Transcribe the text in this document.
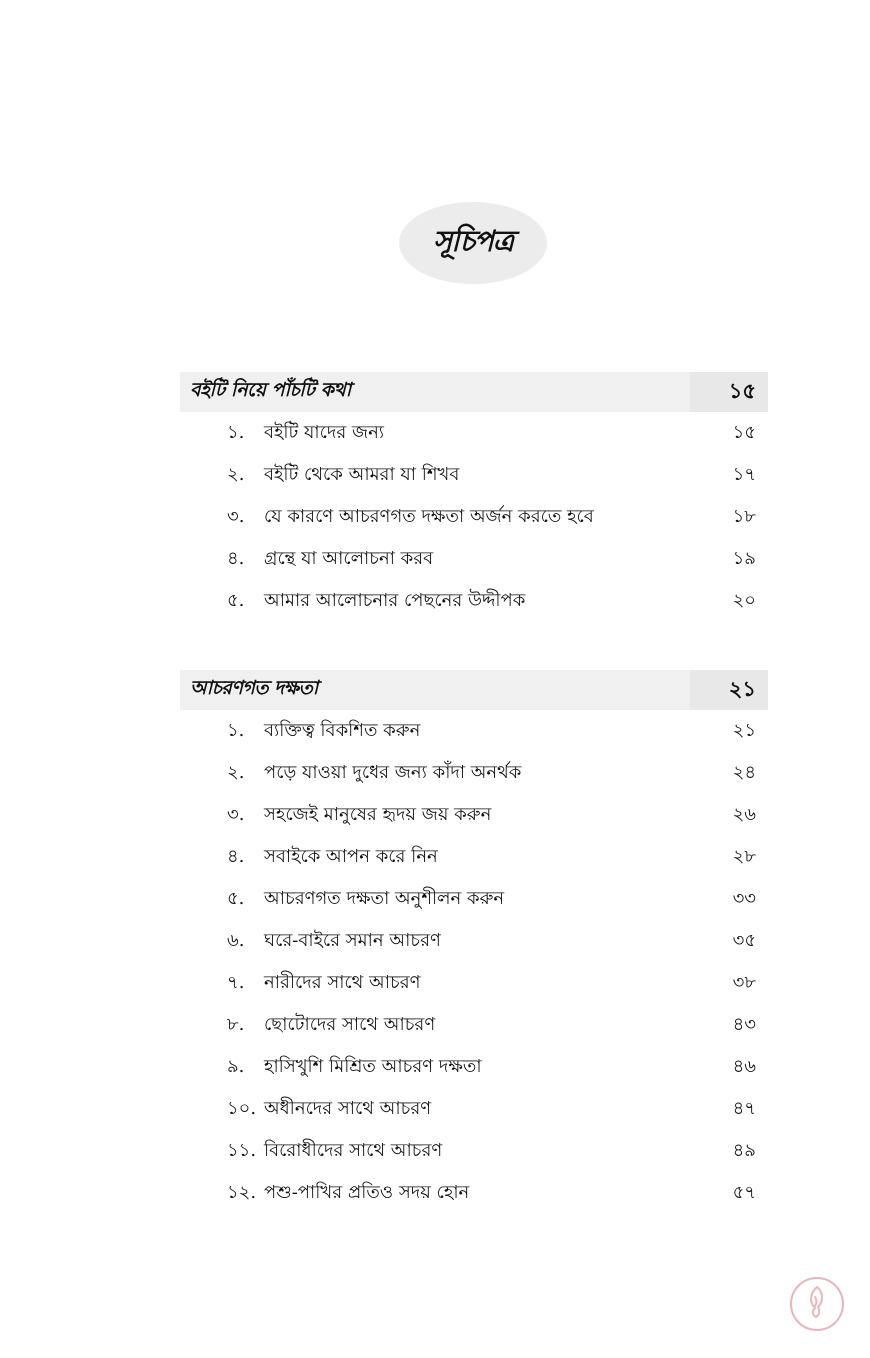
সূচিপত্র
বইটি নিয়ে পাঁচটি কথা	১৫
১.	বইটি যাদের জন্য	১৫
২.	বইটি থেকে আমরা যা শিখব	১৭
৩.	যে কারণে আচরণগত দক্ষতা অর্জন করতে হবে	১৮
৪.	গ্রন্থে যা আলোচনা করব	১৯
৫.	আমার আলোচনার পেছনের উদ্দীপক	২০
আচরণগত দক্ষতা	২১
১.	ব্যক্তিত্ব বিকশিত করুন	২১
২.	পড়ে যাওয়া দুধের জন্য কাঁদা অনর্থক	২৪
৩.	সহজেই মানুষের হৃদয় জয় করুন	২৬
৪.	সবাইকে আপন করে নিন	২৮
৫.	আচরণগত দক্ষতা অনুশীলন করুন	৩৩
৬.	ঘরে-বাইরে সমান আচরণ	৩৫
৭.	নারীদের সাথে আচরণ	৩৮
৮.	ছোটোদের সাথে আচরণ	৪৩
৯.	হাসিখুশি মিশ্রিত আচরণ দক্ষতা	৪৬
১০. অধীনদের সাথে আচরণ	৪৭
১১. বিরোধীদের সাথে আচরণ	৪৯
১২. পশু-পাখির প্রতিও সদয় হোন	৫৭
